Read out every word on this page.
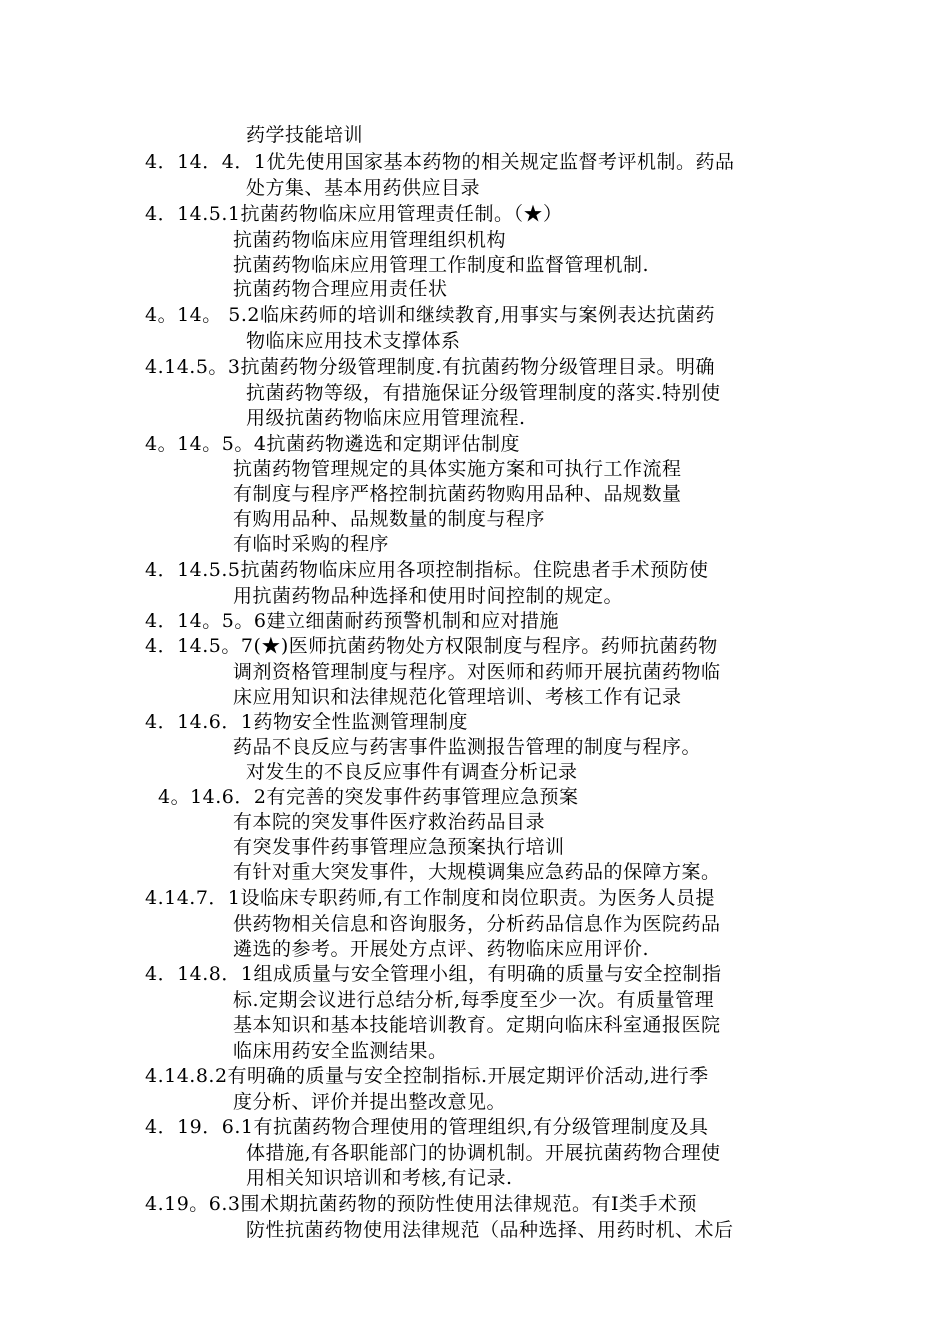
药学技能培训
4．14．4．1优先使用国家基本药物的相关规定监督考评机制。药品
处方集、基本用药供应目录
4．14.5.1抗菌药物临床应用管理责任制。（★）
抗菌药物临床应用管理组织机构
抗菌药物临床应用管理工作制度和监督管理机制.
抗菌药物合理应用责任状
4。14。 5.2临床药师的培训和继续教育,用事实与案例表达抗菌药
物临床应用技术支撑体系
4.14.5。3抗菌药物分级管理制度.有抗菌药物分级管理目录。明确
抗菌药物等级，有措施保证分级管理制度的落实.特别使
用级抗菌药物临床应用管理流程.
4。14。5。4抗菌药物遴选和定期评估制度
抗菌药物管理规定的具体实施方案和可执行工作流程
有制度与程序严格控制抗菌药物购用品种、品规数量
有购用品种、品规数量的制度与程序
有临时采购的程序
4．14.5.5抗菌药物临床应用各项控制指标。住院患者手术预防使
用抗菌药物品种选择和使用时间控制的规定。
4．14。5。6建立细菌耐药预警机制和应对措施
4．14.5。7(★)医师抗菌药物处方权限制度与程序。药师抗菌药物
调剂资格管理制度与程序。对医师和药师开展抗菌药物临
床应用知识和法律规范化管理培训、考核工作有记录
4．14.6．1药物安全性监测管理制度
药品不良反应与药害事件监测报告管理的制度与程序。
对发生的不良反应事件有调查分析记录
4。14.6．2有完善的突发事件药事管理应急预案
有本院的突发事件医疗救治药品目录
有突发事件药事管理应急预案执行培训
有针对重大突发事件，大规模调集应急药品的保障方案。
4.14.7．1设临床专职药师,有工作制度和岗位职责。为医务人员提
供药物相关信息和咨询服务，分析药品信息作为医院药品
遴选的参考。开展处方点评、药物临床应用评价.
4．14.8．1组成质量与安全管理小组，有明确的质量与安全控制指
标.定期会议进行总结分析,每季度至少一次。有质量管理
基本知识和基本技能培训教育。定期向临床科室通报医院
临床用药安全监测结果。
4.14.8.2有明确的质量与安全控制指标.开展定期评价活动,进行季
度分析、评价并提出整改意见。
4．19．6.1有抗菌药物合理使用的管理组织,有分级管理制度及具
体措施,有各职能部门的协调机制。开展抗菌药物合理使
用相关知识培训和考核,有记录.
4.19。6.3围术期抗菌药物的预防性使用法律规范。有Ⅰ类手术预
防性抗菌药物使用法律规范（品种选择、用药时机、术后
